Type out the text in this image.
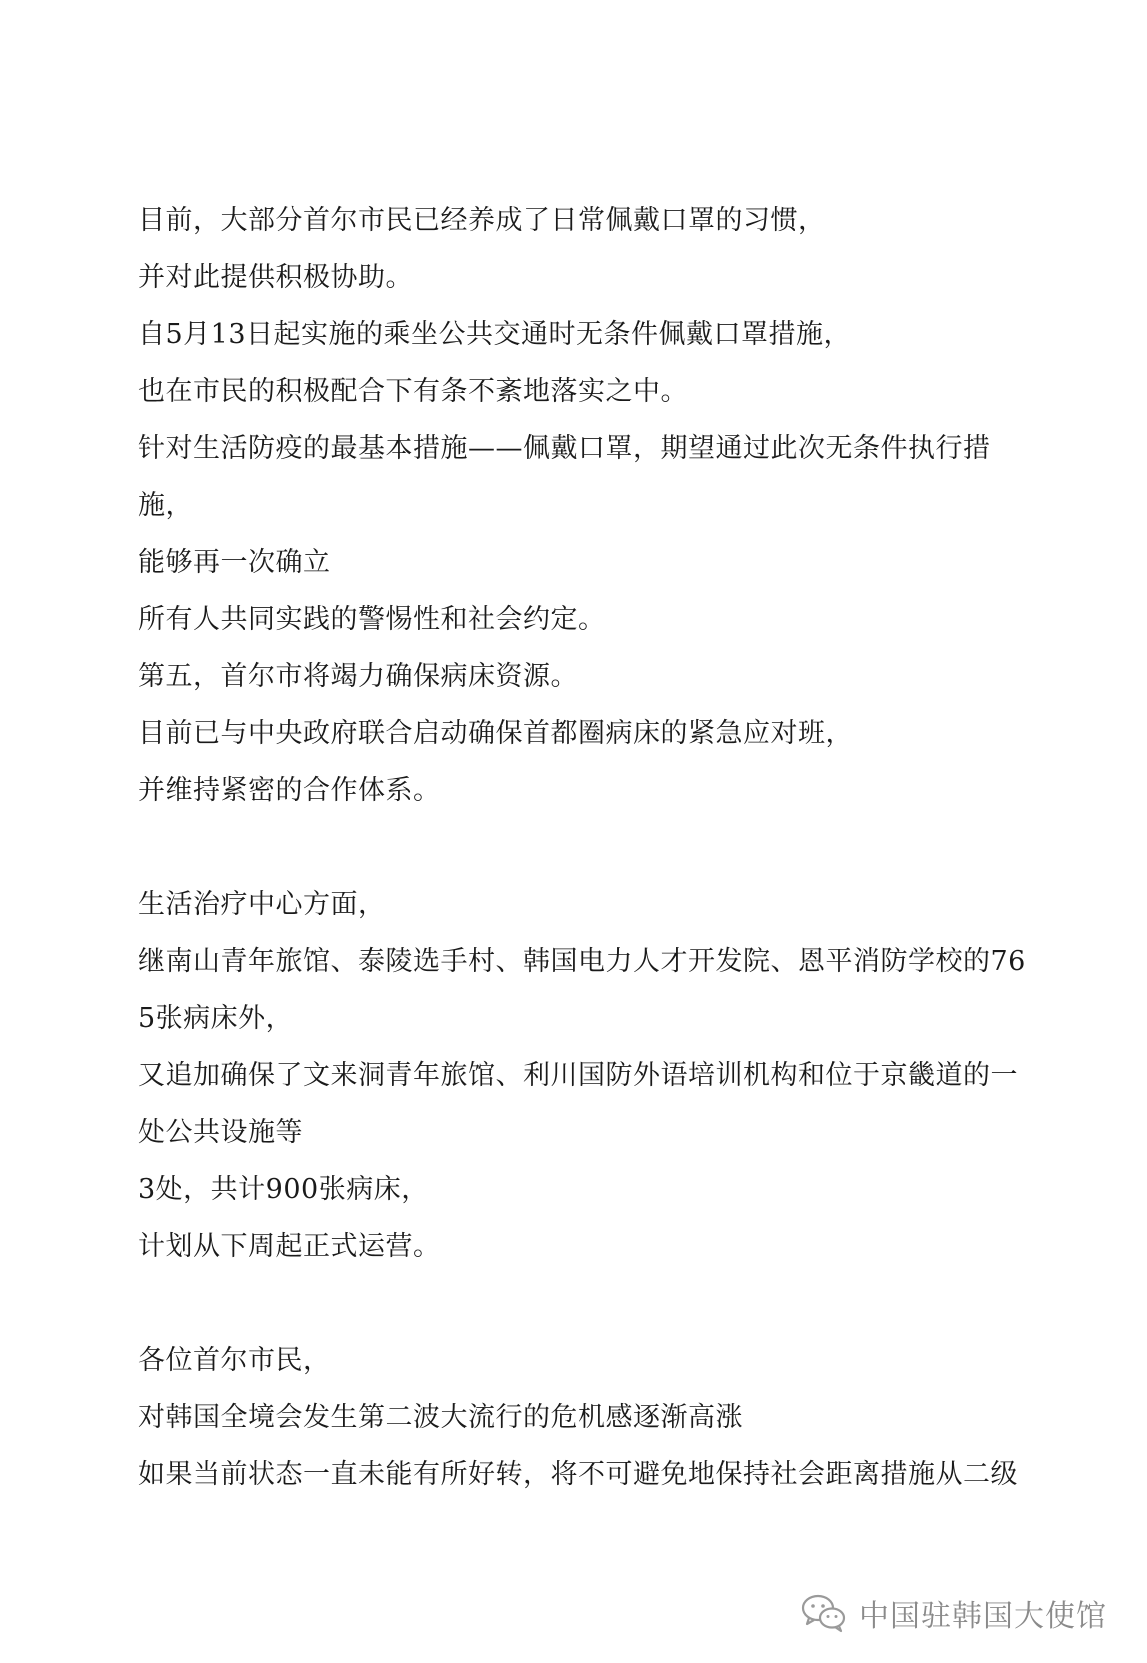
目前，大部分首尔市民已经养成了日常佩戴口罩的习惯，

并对此提供积极协助。

自5月13日起实施的乘坐公共交通时无条件佩戴口罩措施，

也在市民的积极配合下有条不紊地落实之中。

针对生活防疫的最基本措施——佩戴口罩，期望通过此次无条件执行措

施，

能够再一次确立

所有人共同实践的警惕性和社会约定。

第五，首尔市将竭力确保病床资源。

目前已与中央政府联合启动确保首都圈病床的紧急应对班，

并维持紧密的合作体系。

生活治疗中心方面，

继南山青年旅馆、泰陵选手村、韩国电力人才开发院、恩平消防学校的76

5张病床外，

又追加确保了文来洞青年旅馆、利川国防外语培训机构和位于京畿道的一

处公共设施等

3处，共计900张病床，

计划从下周起正式运营。

各位首尔市民，

对韩国全境会发生第二波大流行的危机感逐渐高涨

如果当前状态一直未能有所好转，将不可避免地保持社会距离措施从二级

中国驻韩国大使馆
